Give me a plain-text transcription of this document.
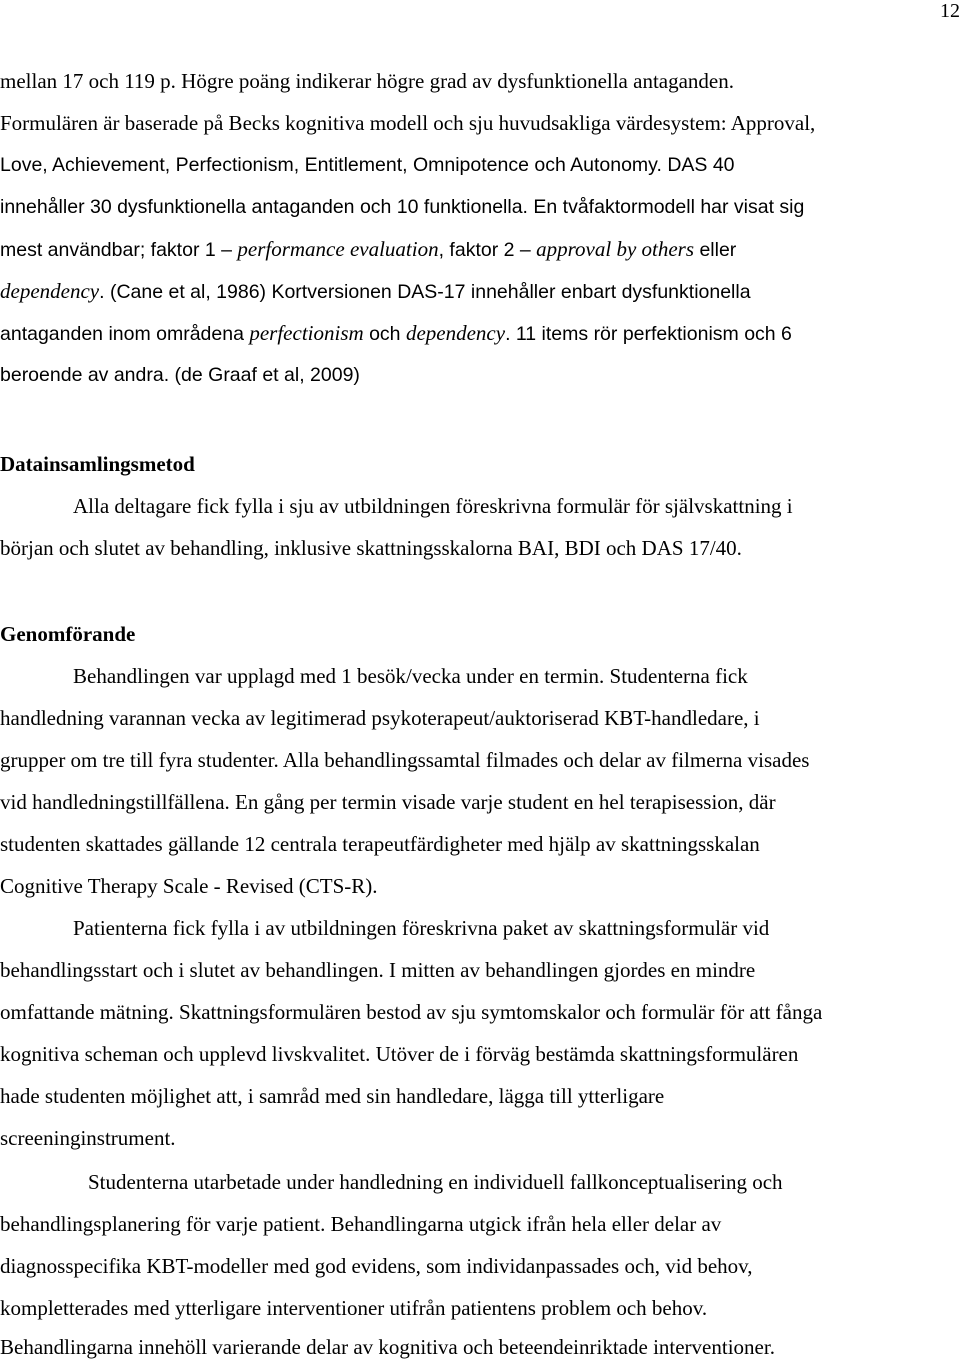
12
mellan 17 och 119 p. Högre poäng indikerar högre grad av dysfunktionella antaganden.
Formulären är baserade på Becks kognitiva modell och sju huvudsakliga värdesystem: Approval,
Love, Achievement, Perfectionism, Entitlement, Omnipotence och Autonomy. DAS 40
innehåller 30 dysfunktionella antaganden och 10 funktionella. En tvåfaktormodell har visat sig
mest användbar; faktor 1 – performance evaluation, faktor 2 – approval by others eller
dependency. (Cane et al, 1986) Kortversionen DAS-17 innehåller enbart dysfunktionella
antaganden inom områdena perfectionism och dependency. 11 items rör perfektionism och 6
beroende av andra. (de Graaf et al, 2009)
Datainsamlingsmetod
Alla deltagare fick fylla i sju av utbildningen föreskrivna formulär för självskattning i
början och slutet av behandling, inklusive skattningsskalorna BAI, BDI och DAS 17/40.
Genomförande
Behandlingen var upplagd med 1 besök/vecka under en termin. Studenterna fick
handledning varannan vecka av legitimerad psykoterapeut/auktoriserad KBT-handledare, i
grupper om tre till fyra studenter. Alla behandlingssamtal filmades och delar av filmerna visades
vid handledningstillfällena. En gång per termin visade varje student en hel terapisession, där
studenten skattades gällande 12 centrala terapeutfärdigheter med hjälp av skattningsskalan
Cognitive Therapy Scale - Revised (CTS-R).
Patienterna fick fylla i av utbildningen föreskrivna paket av skattningsformulär vid
behandlingsstart och i slutet av behandlingen. I mitten av behandlingen gjordes en mindre
omfattande mätning. Skattningsformulären bestod av sju symtomskalor och formulär för att fånga
kognitiva scheman och upplevd livskvalitet. Utöver de i förväg bestämda skattningsformulären
hade studenten möjlighet att, i samråd med sin handledare, lägga till ytterligare
screeninginstrument.
Studenterna utarbetade under handledning en individuell fallkonceptualisering och
behandlingsplanering för varje patient. Behandlingarna utgick ifrån hela eller delar av
diagnosspecifika KBT-modeller med god evidens, som individanpassades och, vid behov,
kompletterades med ytterligare interventioner utifrån patientens problem och behov.
Behandlingarna innehöll varierande delar av kognitiva och beteendeinriktade interventioner.
